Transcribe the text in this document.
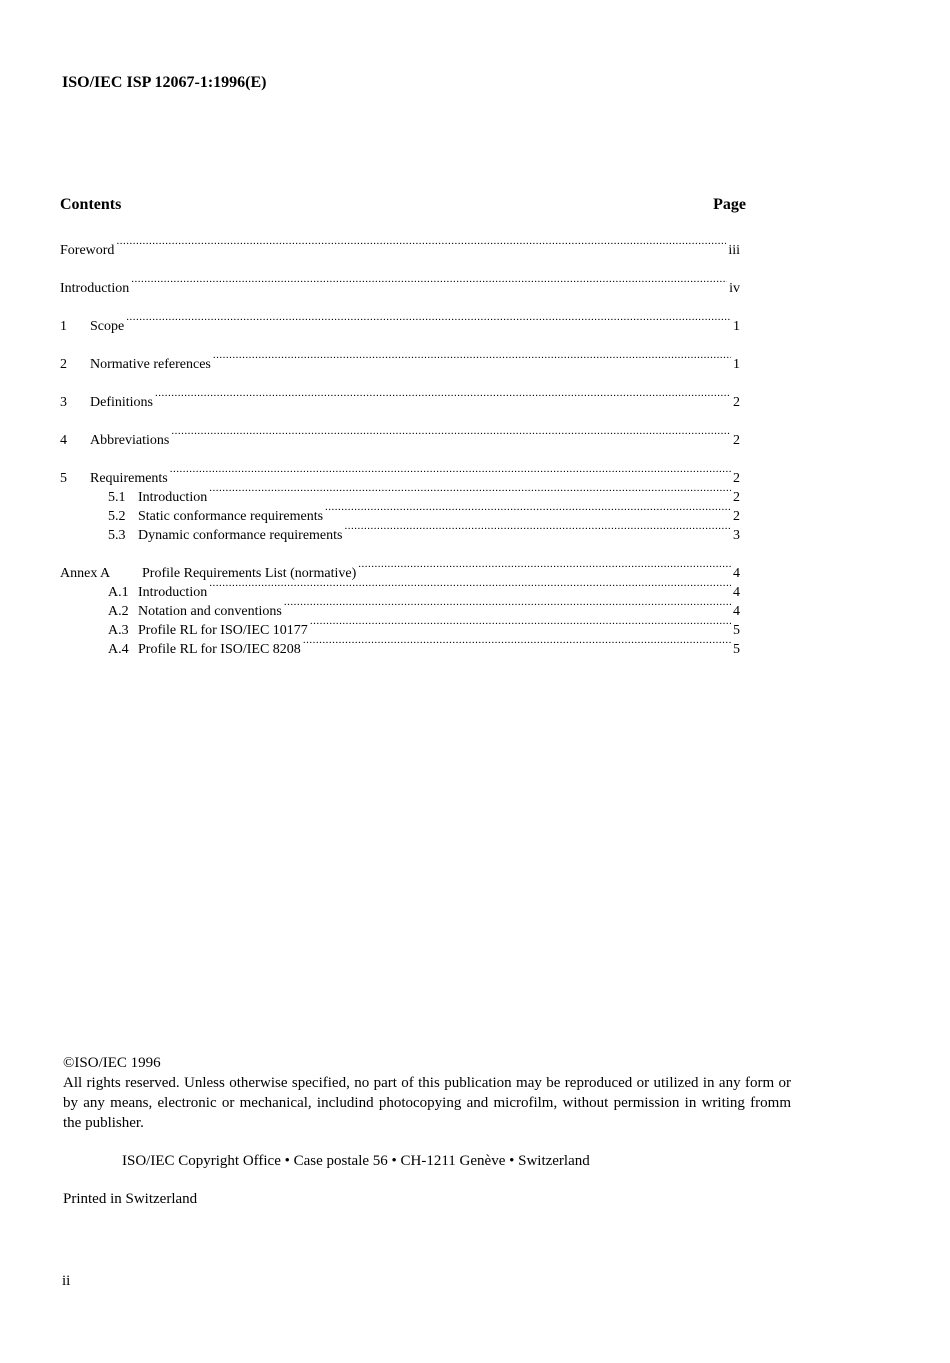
ISO/IEC ISP 12067-1:1996(E)
Contents	Page
Foreword .....	iii
Introduction .....	iv
1	Scope .....	1
2	Normative references .....	1
3	Definitions .....	2
4	Abbreviations .....	2
5	Requirements .....	2
5.1 Introduction .....	2
5.2 Static conformance requirements .....	2
5.3 Dynamic conformance requirements .....	3
Annex A	Profile Requirements List (normative) .....	4
A.1 Introduction .....	4
A.2 Notation and conventions .....	4
A.3 Profile RL for ISO/IEC 10177 .....	5
A.4 Profile RL for ISO/IEC 8208 .....	5
©ISO/IEC 1996
All rights reserved. Unless otherwise specified, no part of this publication may be reproduced or utilized in any form or by any means, electronic or mechanical, includind photocopying and microfilm, without permission in writing fromm the publisher.
ISO/IEC Copyright Office • Case postale 56 • CH-1211 Genève • Switzerland
Printed in Switzerland
ii
